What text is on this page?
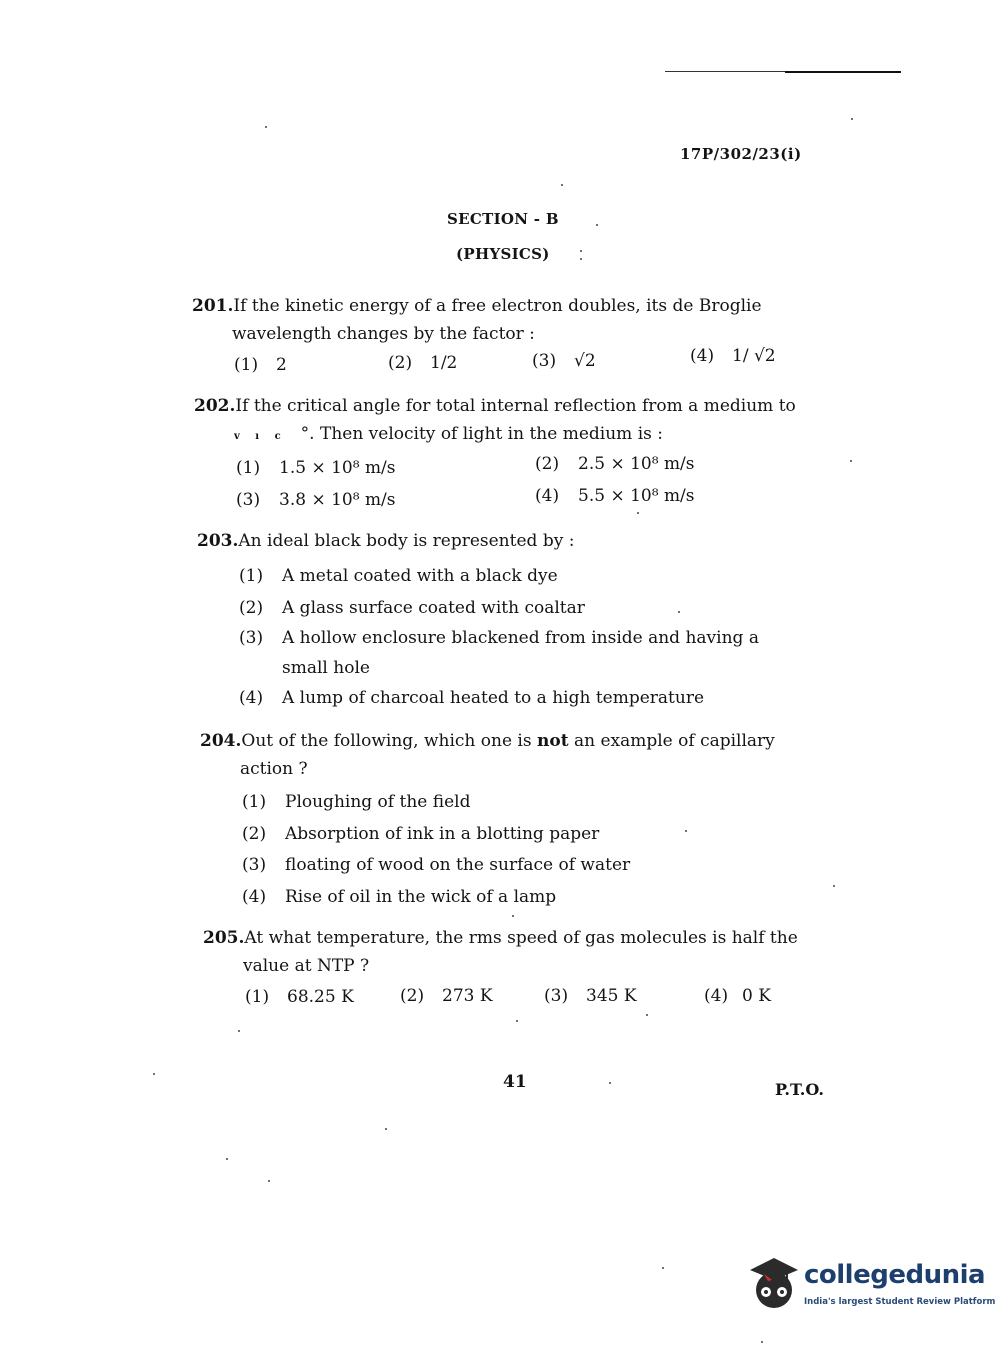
17P/302/23(i)
SECTION - B
(PHYSICS)
201.If the kinetic energy of a free electron doubles, its de Broglie
wavelength changes by the factor :
(1) 2	(2) 1/2	(3) √2	(4) 1/ √2
202.If the critical angle for total internal reflection from a medium to
v ı c °. Then velocity of light in the medium is :
(1) 1.5 × 10⁸ m/s	(2) 2.5 × 10⁸ m/s
(3) 3.8 × 10⁸ m/s	(4) 5.5 × 10⁸ m/s
203.An ideal black body is represented by :
(1) A metal coated with a black dye
(2) A glass surface coated with coaltar
(3) A hollow enclosure blackened from inside and having a
small hole
(4) A lump of charcoal heated to a high temperature
204.Out of the following, which one is not an example of capillary
action ?
(1) Ploughing of the field
(2) Absorption of ink in a blotting paper
(3) floating of wood on the surface of water
(4) Rise of oil in the wick of a lamp
205.At what temperature, the rms speed of gas molecules is half the
value at NTP ?
(1) 68.25 K	(2) 273 K	(3) 345 K	(4) 0 K
41	P.T.O.
collegedunia
India's largest Student Review Platform
